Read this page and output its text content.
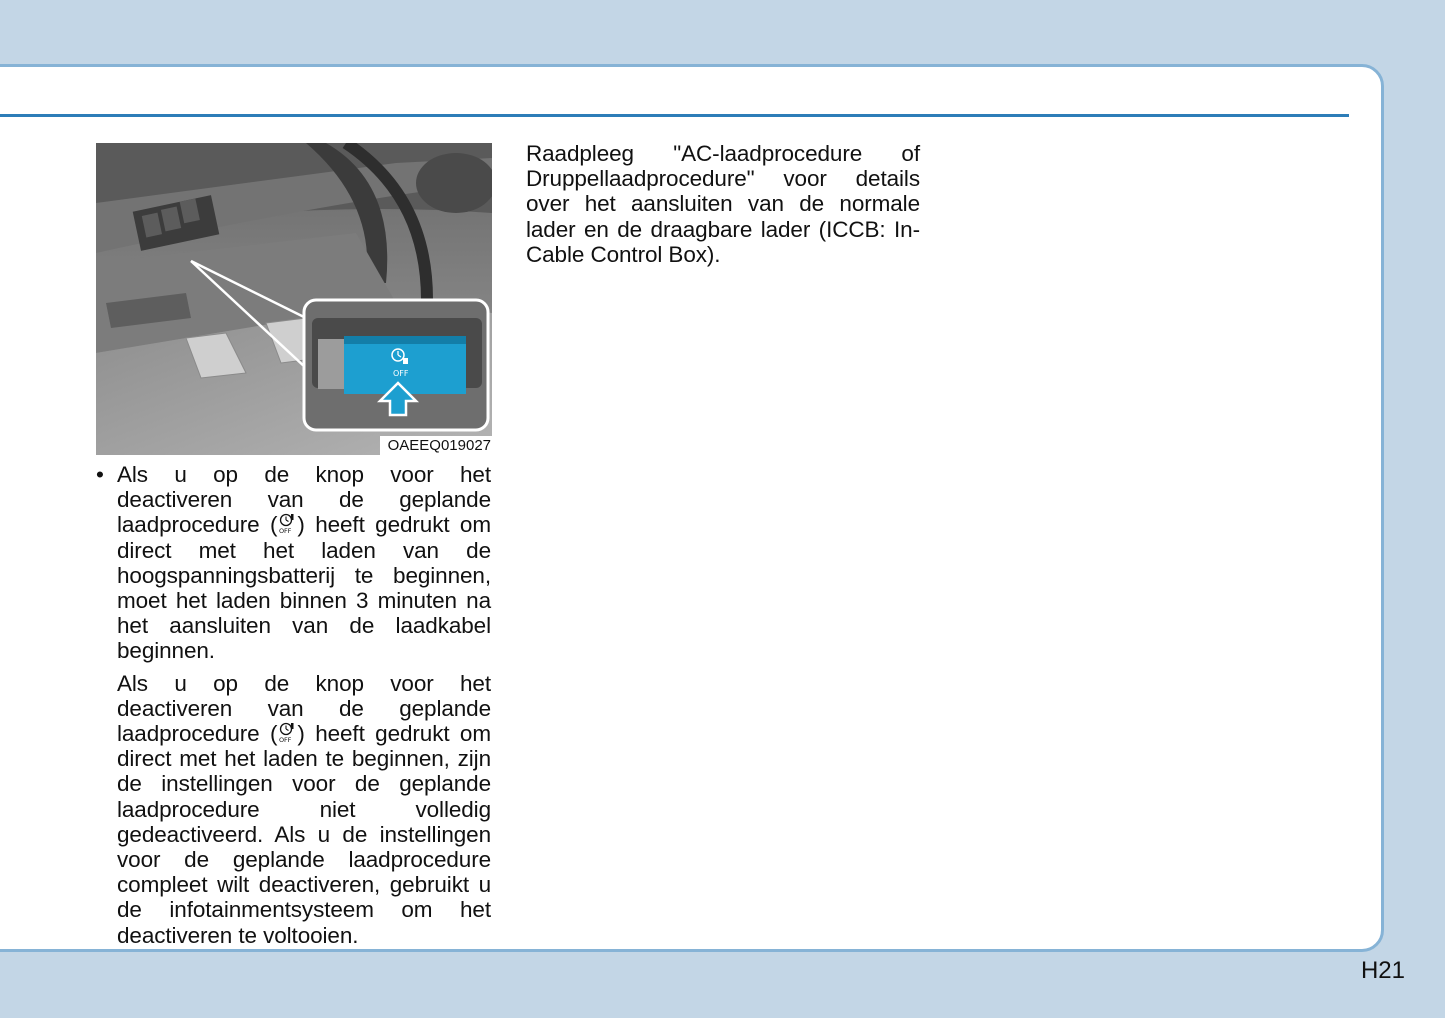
OFF
OAEEQ019027
• Als u op de knop voor het deactiveren van de geplande laadprocedure ( OFF ) heeft gedrukt om direct met het laden van de hoogspanningsbatterij te beginnen, moet het laden binnen 3 minuten na het aansluiten van de laadkabel beginnen.
Als u op de knop voor het deactiveren van de geplande laadprocedure ( OFF ) heeft gedrukt om direct met het laden te beginnen, zijn de instellingen voor de geplande laadprocedure niet volledig gedeactiveerd. Als u de instellingen voor de geplande laadprocedure compleet wilt deactiveren, gebruikt u de infotainmentsysteem om het deactiveren te voltooien.
Raadpleeg "AC-laadprocedure of Druppellaadprocedure" voor details over het aansluiten van de normale lader en de draagbare lader (ICCB: In-Cable Control Box).
H21
